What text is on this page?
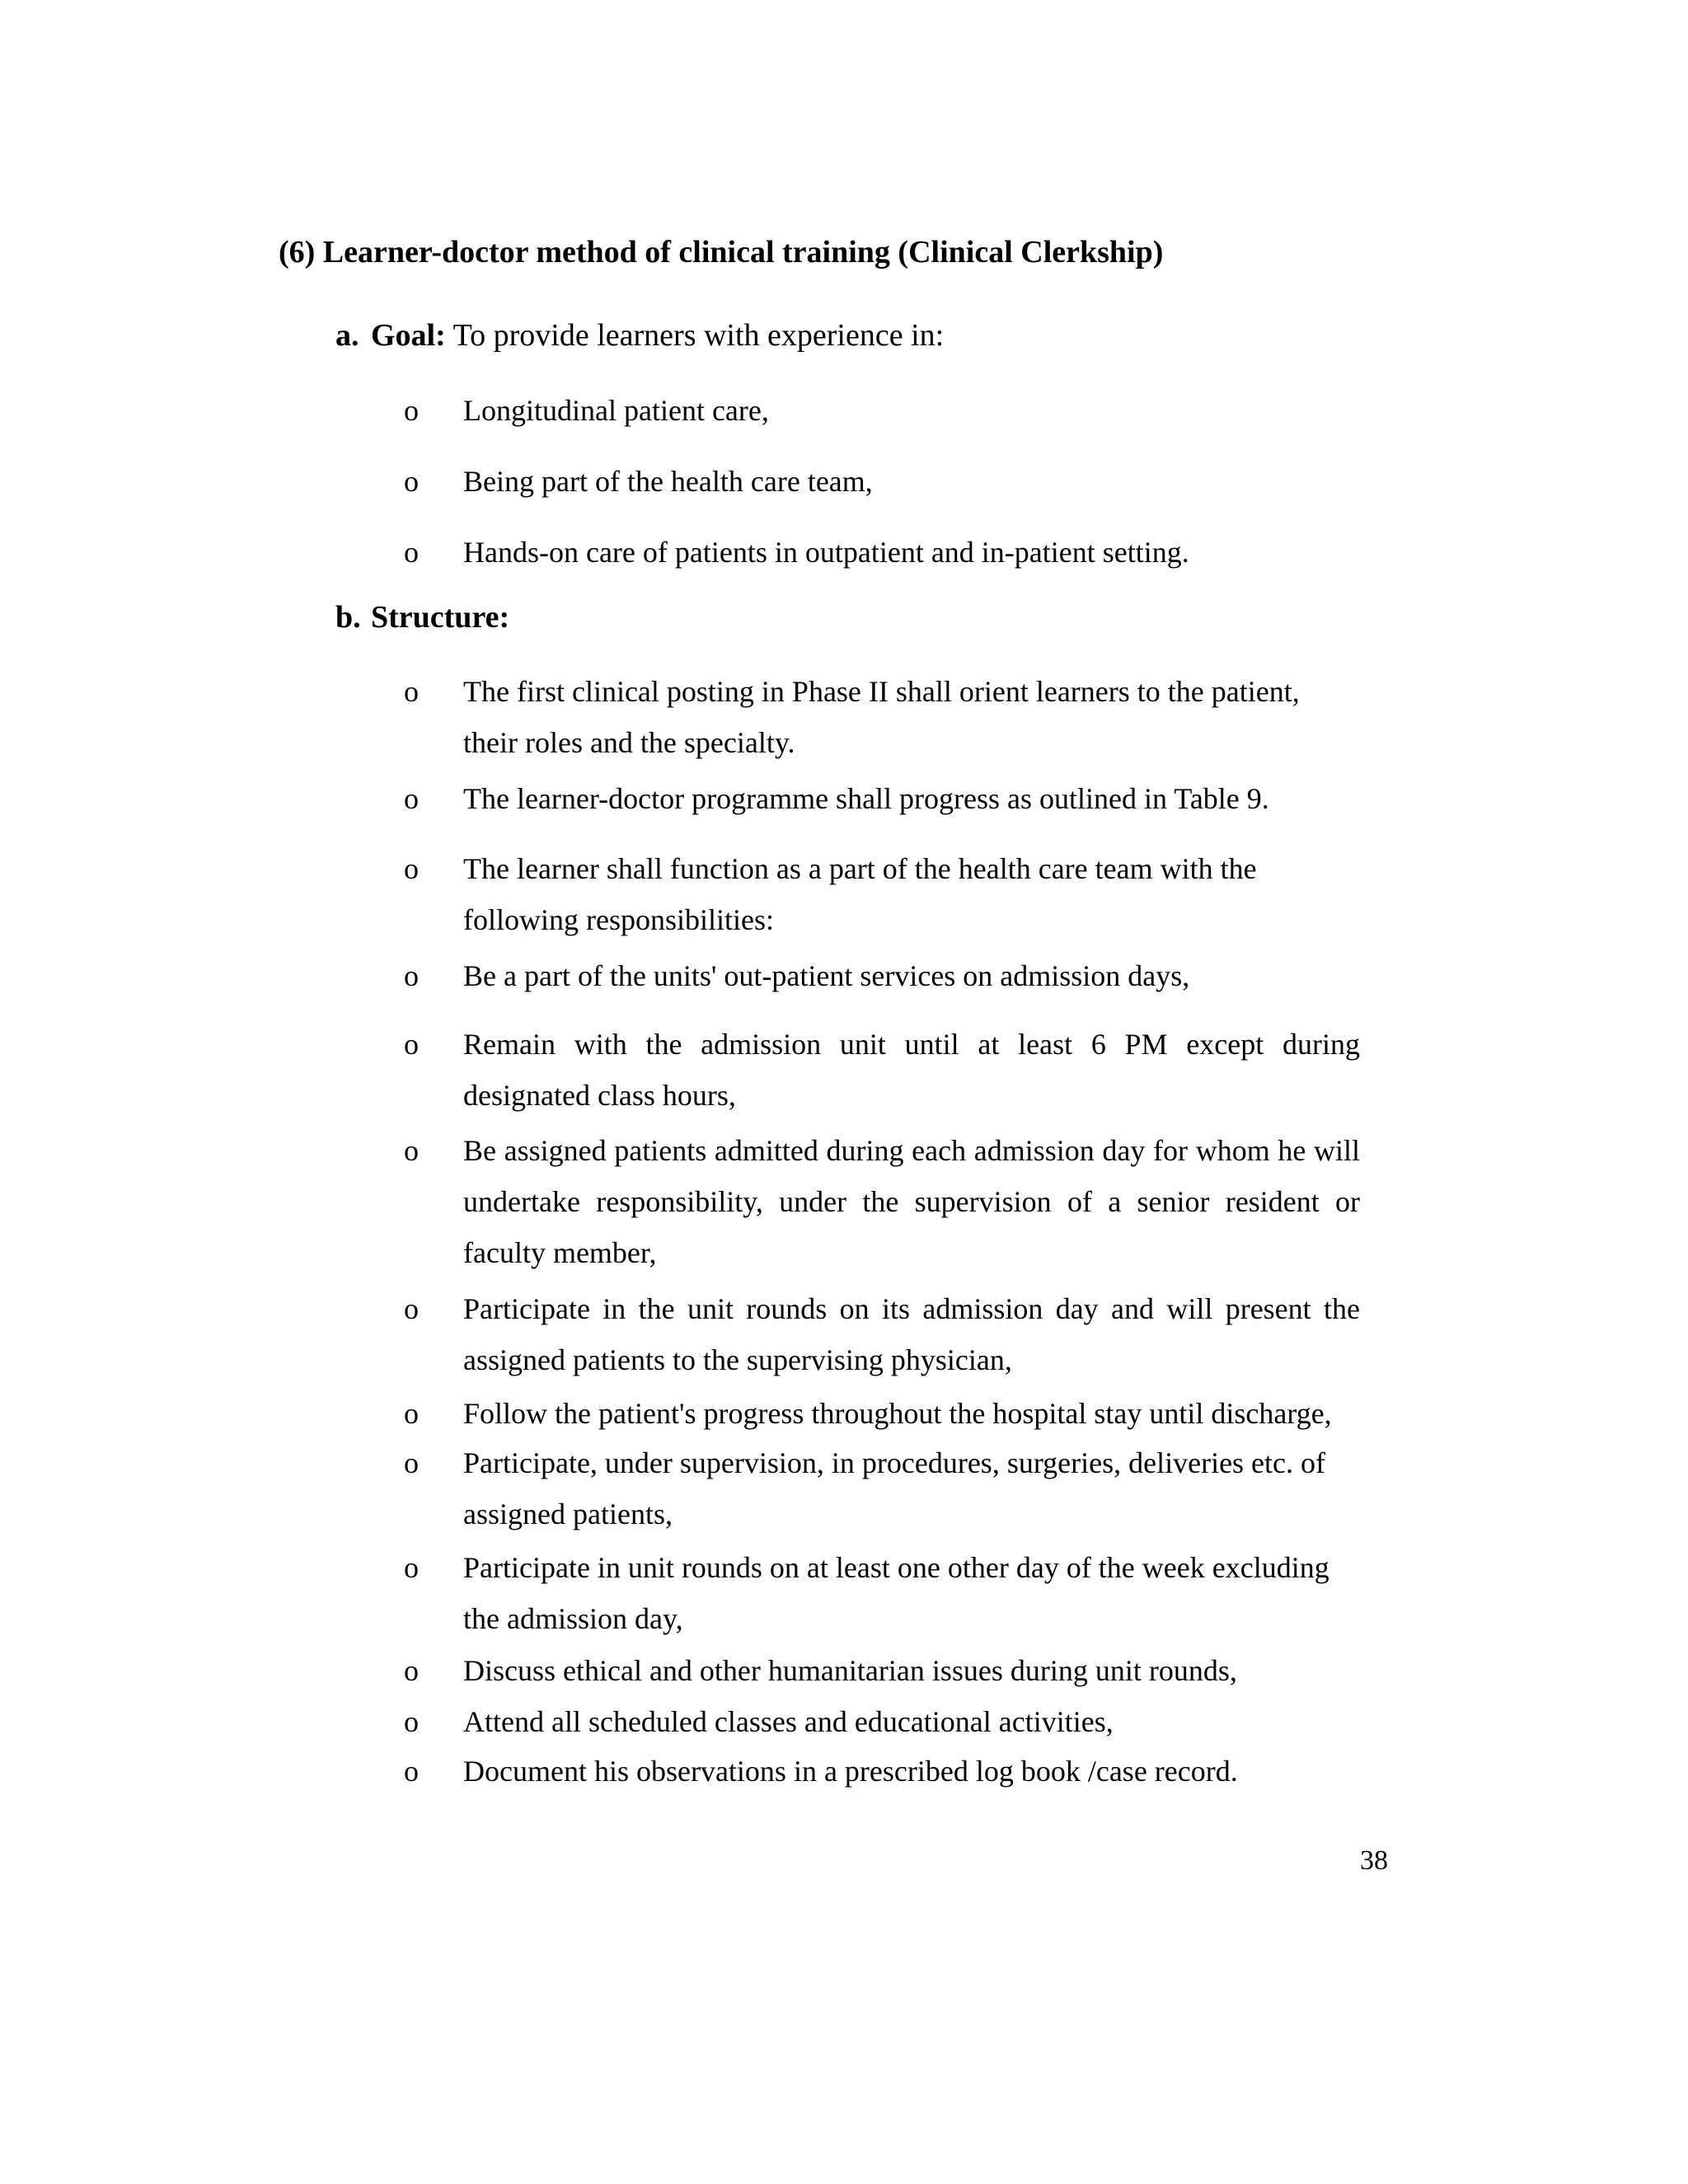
(6) Learner-doctor method of clinical training (Clinical Clerkship)
a. Goal: To provide learners with experience in:
o	Longitudinal patient care,
o	Being part of the health care team,
o	Hands-on care of patients in outpatient and in-patient setting.
b. Structure:
o	The first clinical posting in Phase II shall orient learners to the patient, their roles and the specialty.
o	The learner-doctor programme shall progress as outlined in Table 9.
o	The learner shall function as a part of the health care team with the following responsibilities:
o	Be a part of the units' out-patient services on admission days,
o	Remain with the admission unit until at least 6 PM except during designated class hours,
o	Be assigned patients admitted during each admission day for whom he will undertake responsibility, under the supervision of a senior resident or faculty member,
o	Participate in the unit rounds on its admission day and will present the assigned patients to the supervising physician,
o	Follow the patient's progress throughout the hospital stay until discharge,
o	Participate, under supervision, in procedures, surgeries, deliveries etc. of assigned patients,
o	Participate in unit rounds on at least one other day of the week excluding the admission day,
o	Discuss ethical and other humanitarian issues during unit rounds,
o	Attend all scheduled classes and educational activities,
o	Document his observations in a prescribed log book /case record.
38
